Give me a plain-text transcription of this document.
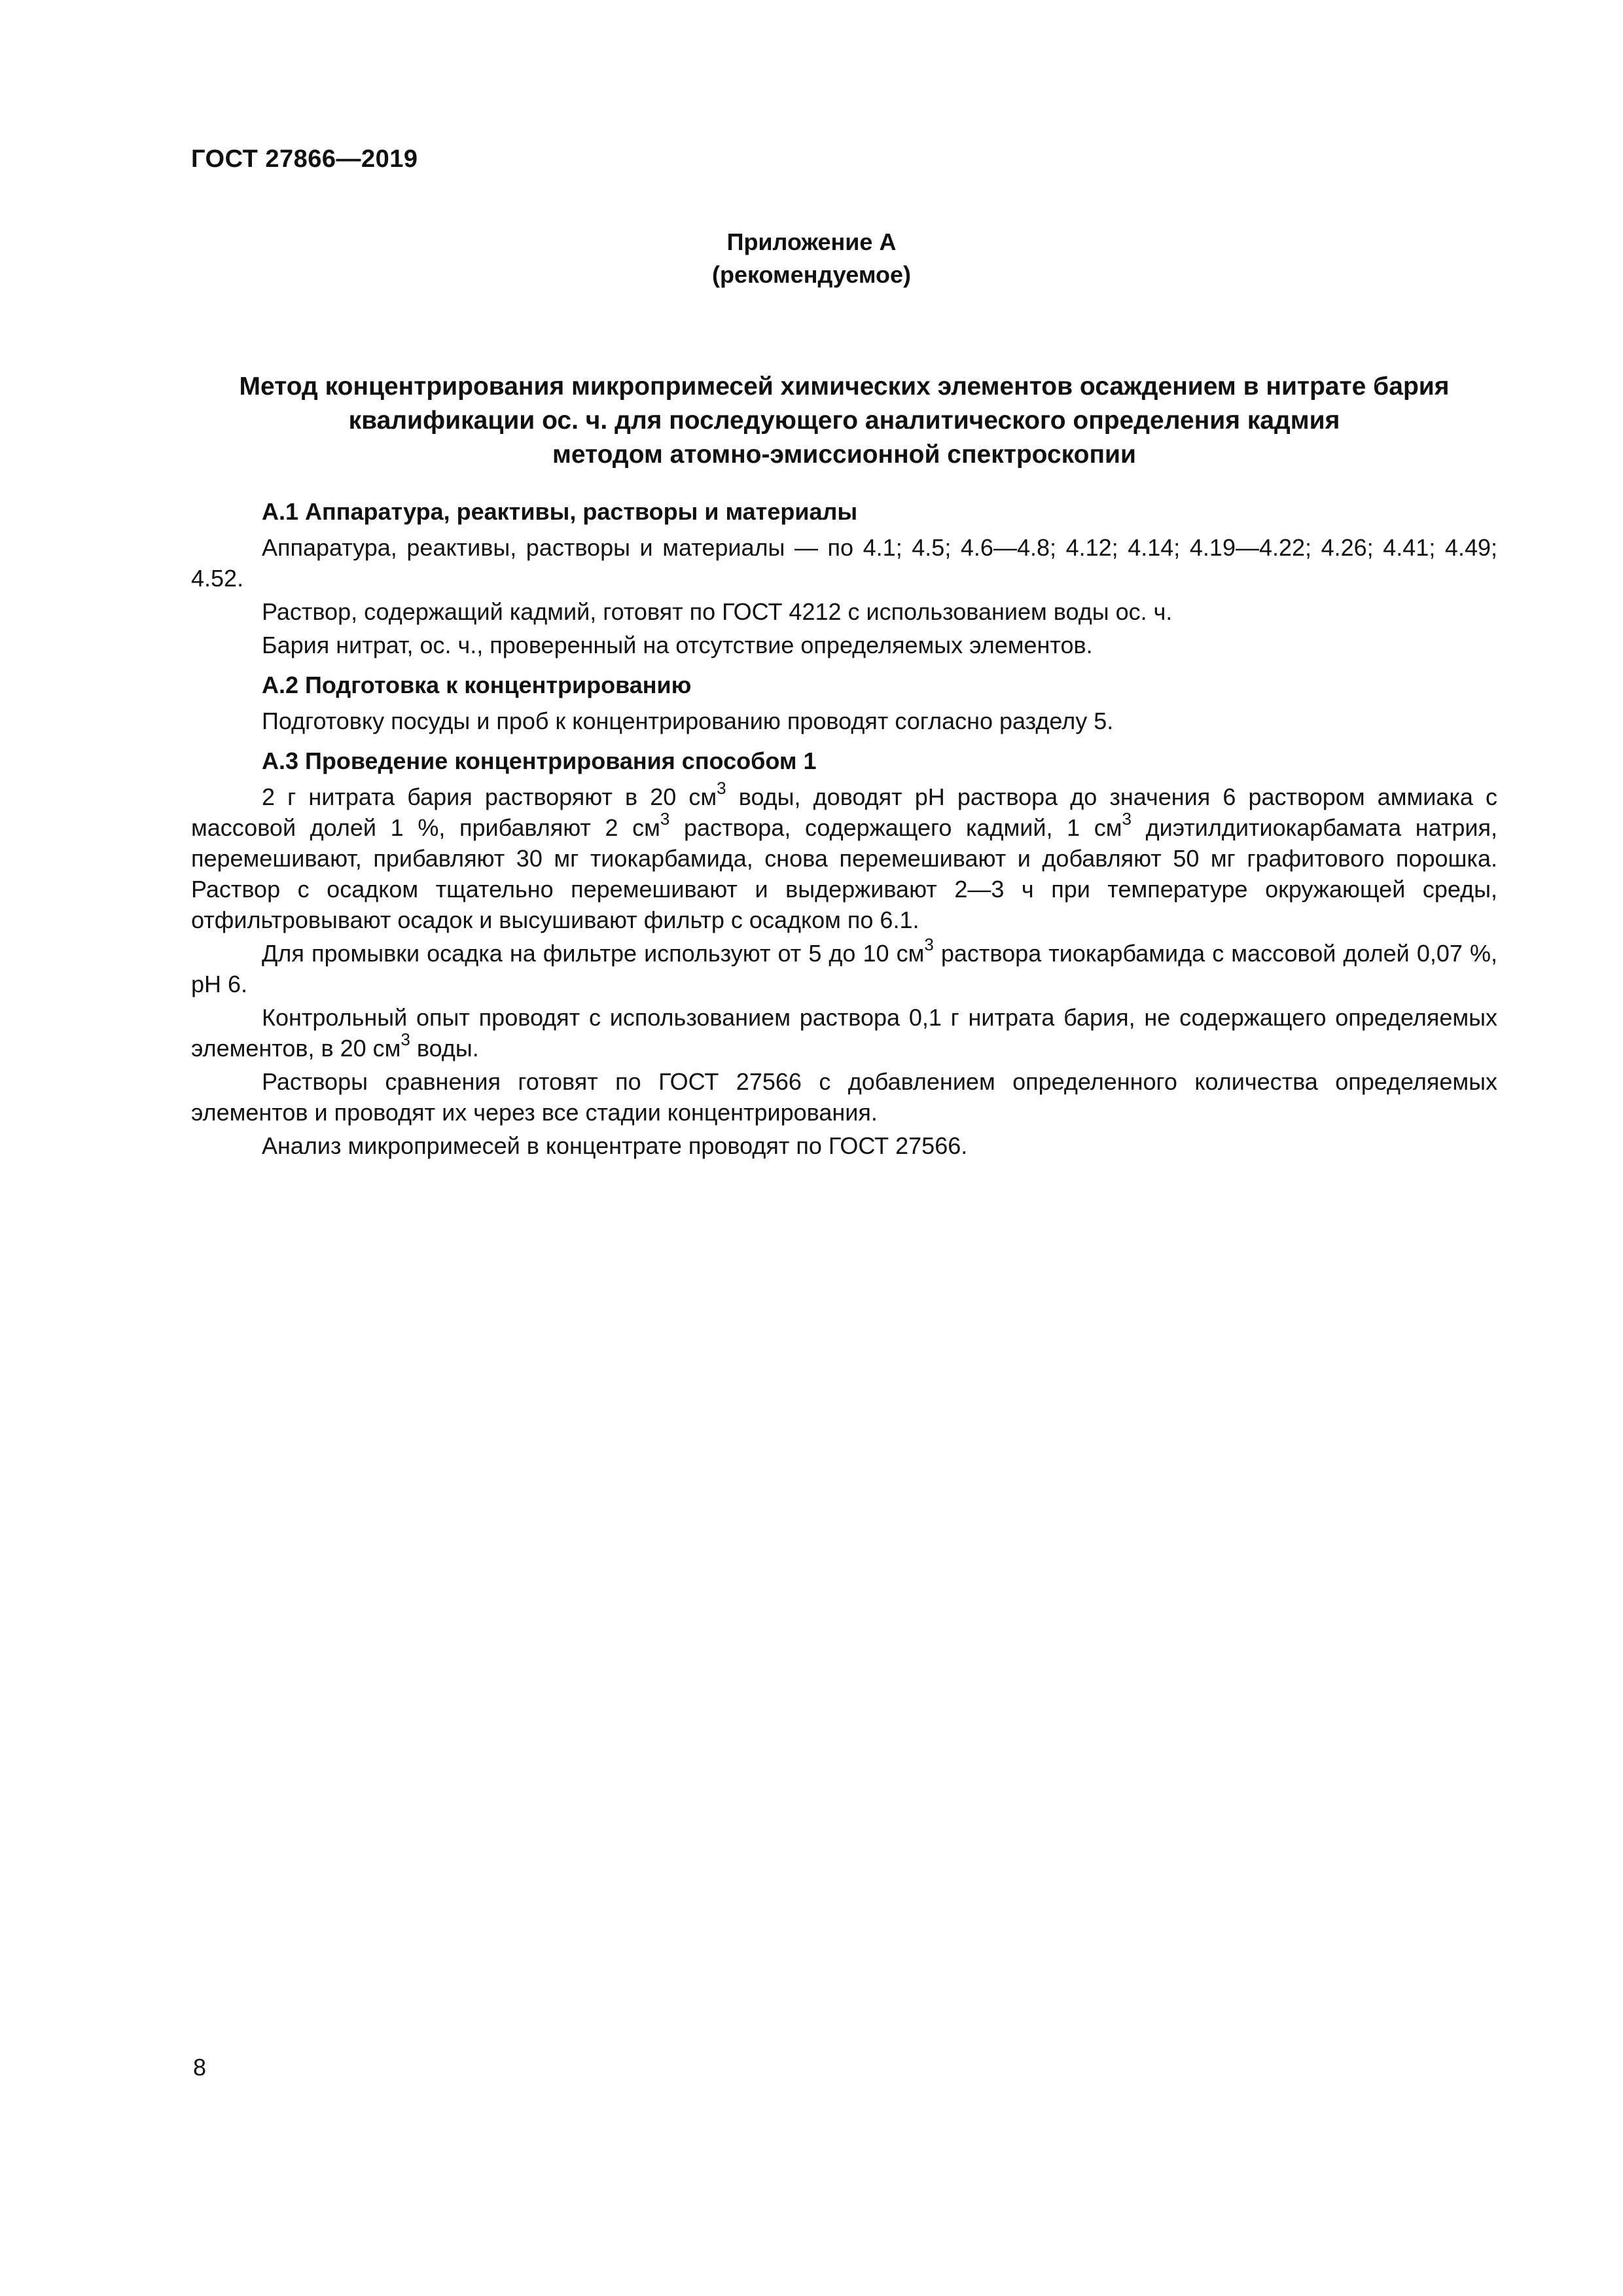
ГОСТ 27866—2019
Приложение А
(рекомендуемое)
Метод концентрирования микропримесей химических элементов осаждением в нитрате бария
квалификации ос. ч. для последующего аналитического определения кадмия
методом атомно-эмиссионной спектроскопии
А.1 Аппаратура, реактивы, растворы и материалы

Аппаратура, реактивы, растворы и материалы — по 4.1; 4.5; 4.6—4.8; 4.12; 4.14; 4.19—4.22; 4.26; 4.41; 4.49; 4.52.

Раствор, содержащий кадмий, готовят по ГОСТ 4212 с использованием воды ос. ч.

Бария нитрат, ос. ч., проверенный на отсутствие определяемых элементов.

А.2 Подготовка к концентрированию

Подготовку посуды и проб к концентрированию проводят согласно разделу 5.

А.3 Проведение концентрирования способом 1

2 г нитрата бария растворяют в 20 $см^3$ воды, доводят pH раствора до значения 6 раствором аммиака с массовой долей 1 %, прибавляют 2 $см^3$ раствора, содержащего кадмий, 1 $см^3$ диэтилдитиокарбамата натрия, перемешивают, прибавляют 30 мг тиокарбамида, снова перемешивают и добавляют 50 мг графитового порошка. Раствор с осадком тщательно перемешивают и выдерживают 2—3 ч при температуре окружающей среды, отфильтровывают осадок и высушивают фильтр с осадком по 6.1.

Для промывки осадка на фильтре используют от 5 до 10 $см^3$ раствора тиокарбамида с массовой долей 0,07 %, pH 6.

Контрольный опыт проводят с использованием раствора 0,1 г нитрата бария, не содержащего определяемых элементов, в 20 $см^3$ воды.

Растворы сравнения готовят по ГОСТ 27566 с добавлением определенного количества определяемых элементов и проводят их через все стадии концентрирования.

Анализ микропримесей в концентрате проводят по ГОСТ 27566.

8
